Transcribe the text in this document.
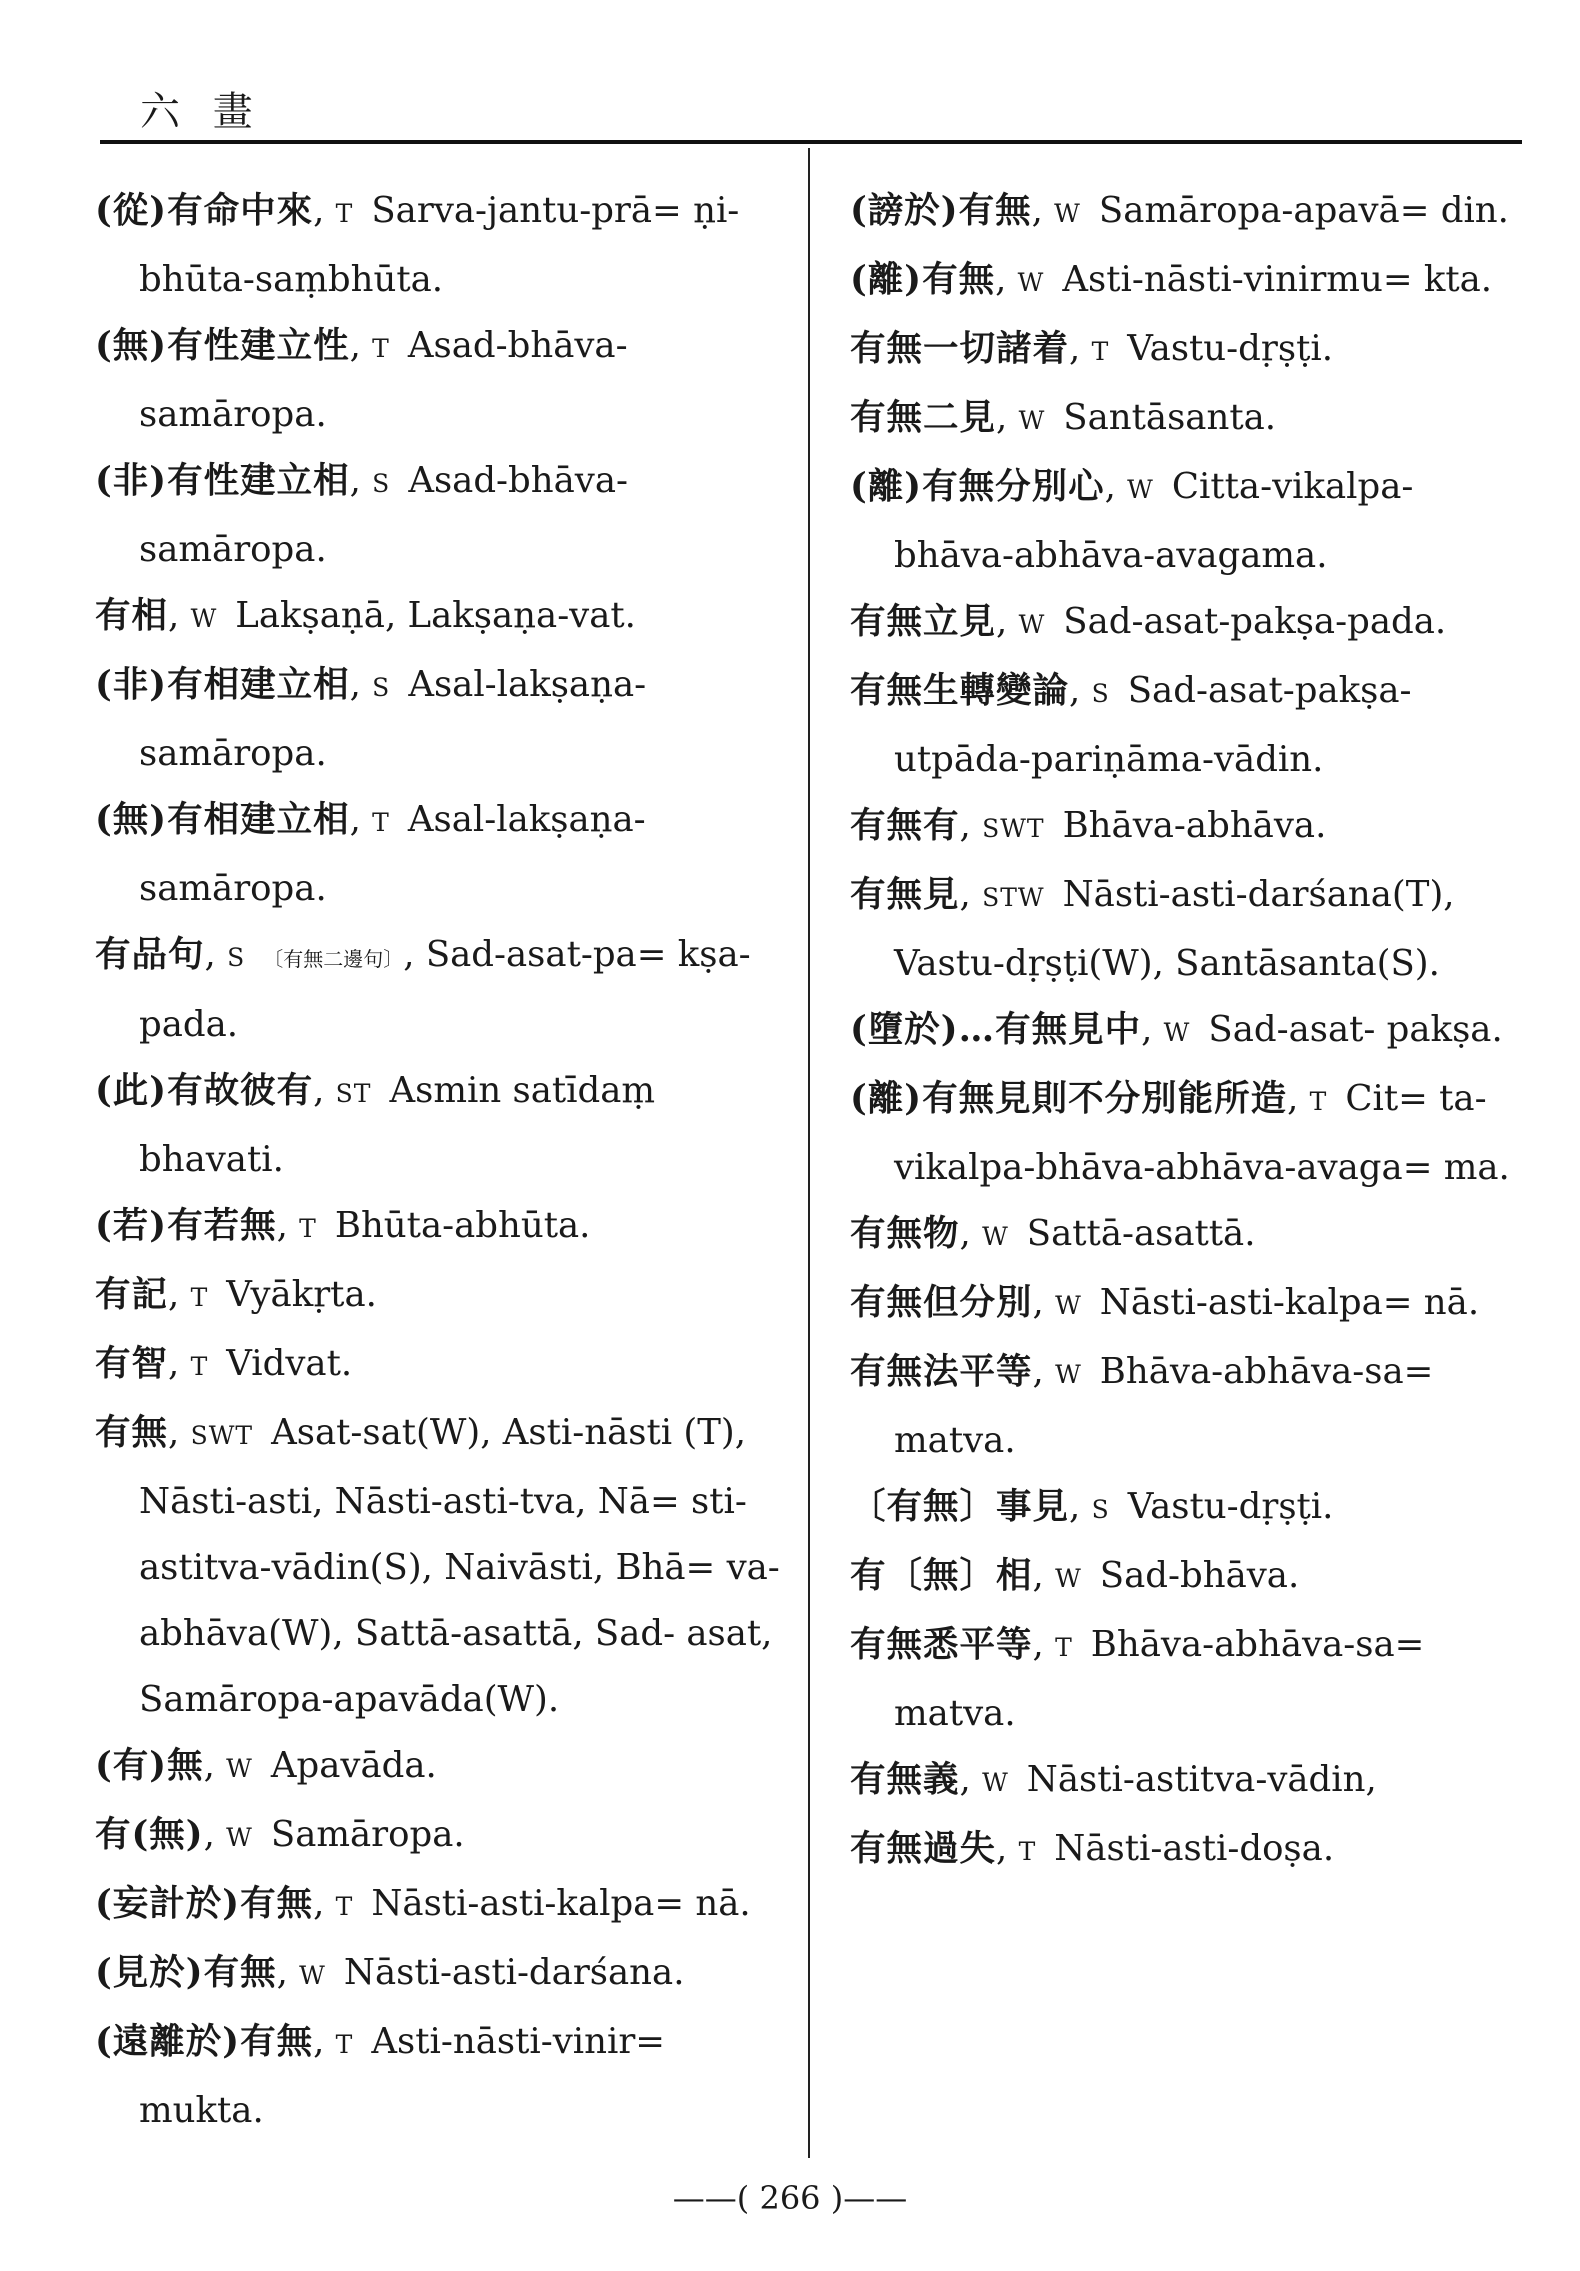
六 畫
(從)有命中來, T Sarva-jantu-prā= ṇi-bhūta-saṃbhūta.
(無)有性建立性, T Asad-bhāva- samāropa.
(非)有性建立相, S Asad-bhāva- samāropa.
有相, W Lakṣaṇā, Lakṣaṇa-vat.
(非)有相建立相, S Asal-lakṣaṇa- samāropa.
(無)有相建立相, T Asal-lakṣaṇa- samāropa.
有品句, S 〔有無二邊句〕, Sad-asat-pa= kṣa-pada.
(此)有故彼有, ST Asmin satīdaṃ bhavati.
(若)有若無, T Bhūta-abhūta.
有記, T Vyākṛta.
有智, T Vidvat.
有無, SWT Asat-sat(W), Asti-nāsti (T), Nāsti-asti, Nāsti-asti-tva, Nā= sti-astitva-vādin(S), Naivāsti, Bhā= va-abhāva(W), Sattā-asattā, Sad- asat, Samāropa-apavāda(W).
(有)無, W Apavāda.
有(無), W Samāropa.
(妄計於)有無, T Nāsti-asti-kalpa= nā.
(見於)有無, W Nāsti-asti-darśana.
(遠離於)有無, T Asti-nāsti-vinir= mukta.
(謗於)有無, W Samāropa-apavā= din.
(離)有無, W Asti-nāsti-vinirmu= kta.
有無一切諸着, T Vastu-dṛṣṭi.
有無二見, W Santāsanta.
(離)有無分別心, W Citta-vikalpa- bhāva-abhāva-avagama.
有無立見, W Sad-asat-pakṣa-pada.
有無生轉變論, S Sad-asat-pakṣa- utpāda-pariṇāma-vādin.
有無有, SWT Bhāva-abhāva.
有無見, STW Nāsti-asti-darśana(T), Vastu-dṛṣṭi(W), Santāsanta(S).
(墮於)…有無見中, W Sad-asat- pakṣa.
(離)有無見則不分別能所造, T Cit= ta-vikalpa-bhāva-abhāva-avaga= ma.
有無物, W Sattā-asattā.
有無但分別, W Nāsti-asti-kalpa= nā.
有無法平等, W Bhāva-abhāva-sa= matva.
〔有無〕事見, S Vastu-dṛṣṭi.
有〔無〕相, W Sad-bhāva.
有無悉平等, T Bhāva-abhāva-sa= matva.
有無義, W Nāsti-astitva-vādin,
有無過失, T Nāsti-asti-doṣa.
——( 266 )——
